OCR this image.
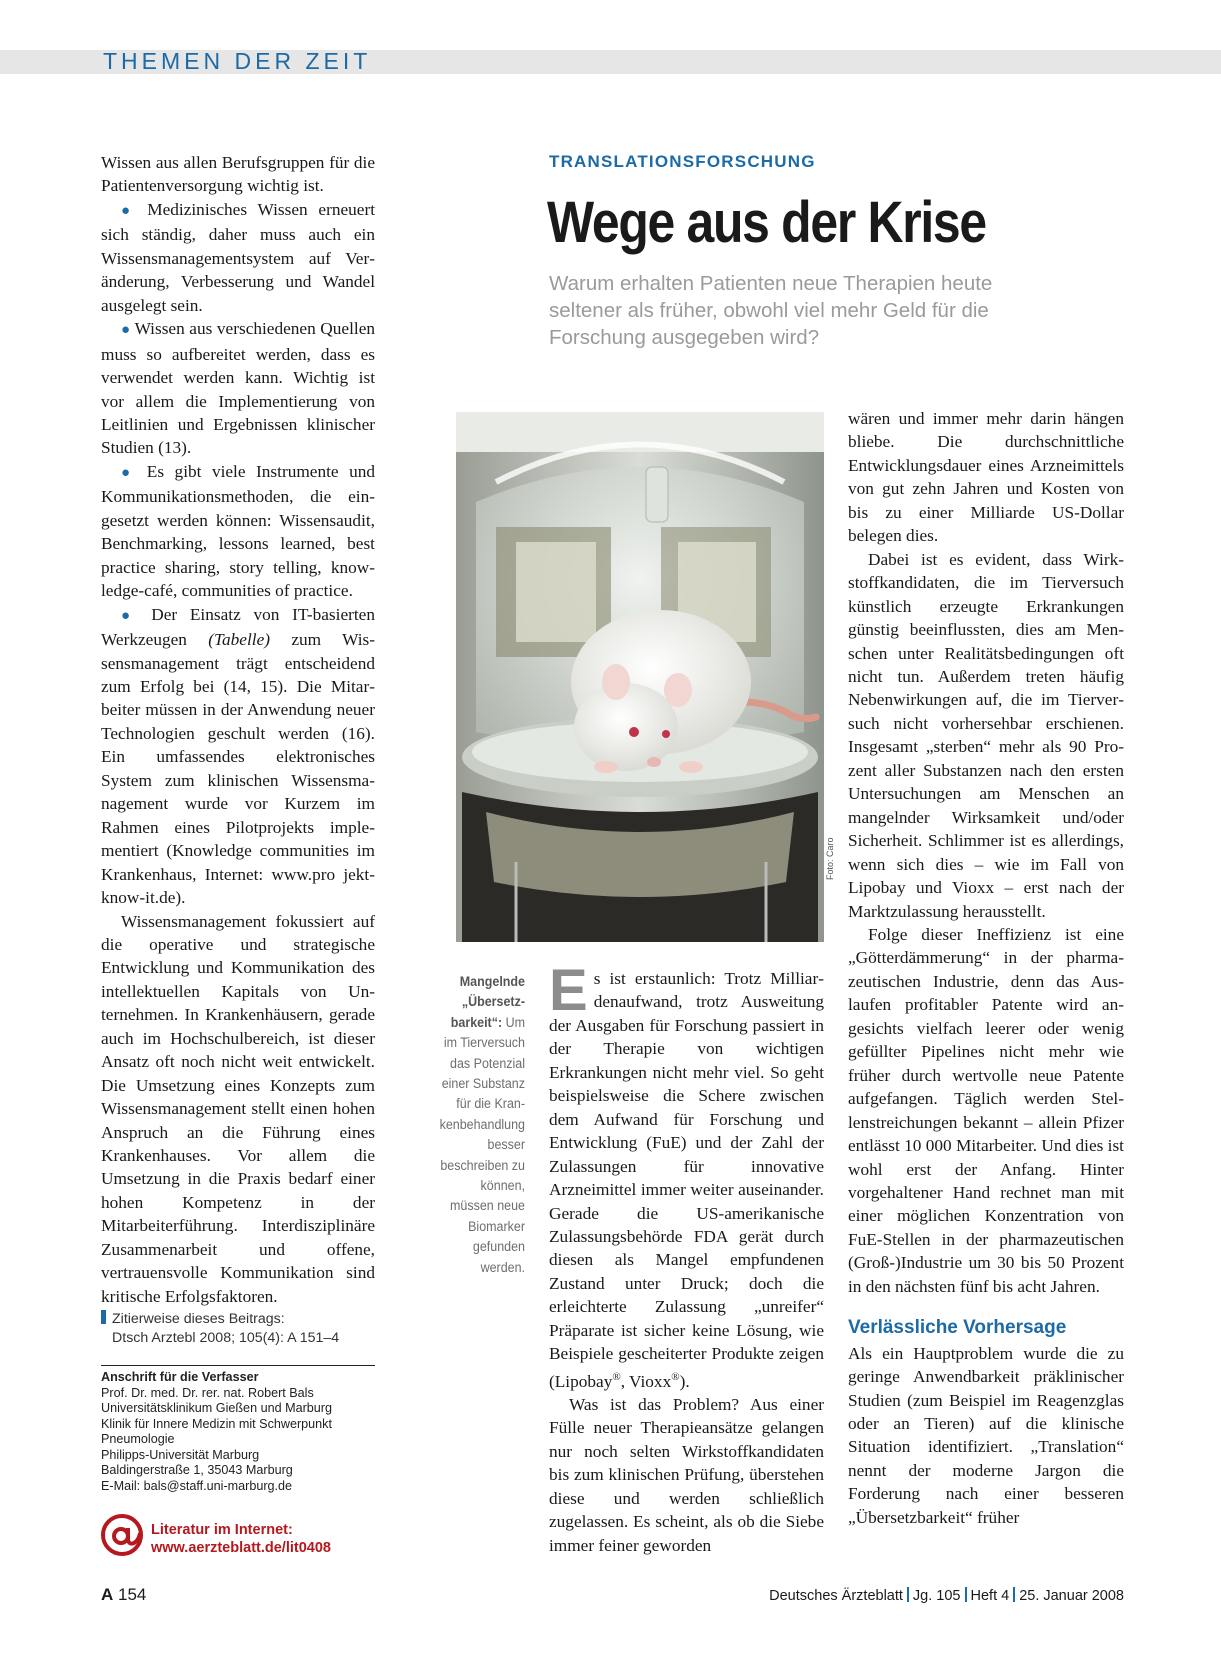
THEMEN DER ZEIT

Wissen aus allen Berufsgruppen für die Patientenversorgung wichtig ist.

● Medizinisches Wissen erneuert sich ständig, daher muss auch ein Wissensmanagementsystem auf Veränderung, Verbesserung und Wandel ausgelegt sein.

● Wissen aus verschiedenen Quellen muss so aufbereitet werden, dass es verwendet werden kann. Wichtig ist vor allem die Implementierung von Leitlinien und Ergebnissen klinischer Studien (13).

● Es gibt viele Instrumente und Kommunikationsmethoden, die eingesetzt werden können: Wissensaudit, Benchmarking, lessons learned, best practice sharing, story telling, knowledge-café, communities of practice.

● Der Einsatz von IT-basierten Werkzeugen (Tabelle) zum Wissensmanagement trägt entscheidend zum Erfolg bei (14, 15). Die Mitarbeiter müssen in der Anwendung neuer Technologien geschult werden (16). Ein umfassendes elektronisches System zum klinischen Wissensmanagement wurde vor Kurzem im Rahmen eines Pilotprojekts implementiert (Knowledge communities im Krankenhaus, Internet: www.pro jekt-know-it.de).

Wissensmanagement fokussiert auf die operative und strategische Entwicklung und Kommunikation des intellektuellen Kapitals von Unternehmen. In Krankenhäusern, gerade auch im Hochschulbereich, ist dieser Ansatz oft noch nicht weit entwickelt. Die Umsetzung eines Konzepts zum Wissensmanagement stellt einen hohen Anspruch an die Führung eines Krankenhauses. Vor allem die Umsetzung in die Praxis bedarf einer hohen Kompetenz in der Mitarbeiterführung. Interdisziplinäre Zusammenarbeit und offene, vertrauensvolle Kommunikation sind kritische Erfolgsfaktoren.

Zitierweise dieses Beitrags:
Dtsch Arztebl 2008; 105(4): A 151–4
Anschrift für die Verfasser
Prof. Dr. med. Dr. rer. nat. Robert Bals
Universitätsklinikum Gießen und Marburg
Klinik für Innere Medizin mit Schwerpunkt
Pneumologie
Philipps-Universität Marburg
Baldingerstraße 1, 35043 Marburg
E-Mail: bals@staff.uni-marburg.de
Literatur im Internet:
www.aerzteblatt.de/lit0408
TRANSLATIONSFORSCHUNG
Wege aus der Krise
Warum erhalten Patienten neue Therapien heute seltener als früher, obwohl viel mehr Geld für die Forschung ausgegeben wird?
Foto: Caro
Mangelnde „Übersetzbarkeit“: Um im Tierversuch das Potenzial einer Substanz für die Krankenbehandlung besser beschreiben zu können, müssen neue Biomarker gefunden werden.

Es ist erstaunlich: Trotz Milliardenaufwand, trotz Ausweitung der Ausgaben für Forschung passiert in der Therapie von wichtigen Erkrankungen nicht mehr viel. So geht beispielsweise die Schere zwischen dem Aufwand für Forschung und Entwicklung (FuE) und der Zahl der Zulassungen für innovative Arzneimittel immer weiter auseinander. Gerade die US-amerikanische Zulassungsbehörde FDA gerät durch diesen als Mangel empfundenen Zustand unter Druck; doch die erleichterte Zulassung „unreifer“ Präparate ist sicher keine Lösung, wie Beispiele gescheiterter Produkte zeigen (Lipobay®, Vioxx®).

Was ist das Problem? Aus einer Fülle neuer Therapieansätze gelangen nur noch selten Wirkstoffkandidaten bis zum klinischen Prüfung, überstehen diese und werden schließlich zugelassen. Es scheint, als ob die Siebe immer feiner geworden

wären und immer mehr darin hängen bliebe. Die durchschnittliche Entwicklungsdauer eines Arzneimittels von gut zehn Jahren und Kosten von bis zu einer Milliarde US-Dollar belegen dies.

Dabei ist es evident, dass Wirkstoffkandidaten, die im Tierversuch künstlich erzeugte Erkrankungen günstig beeinflussten, dies am Menschen unter Realitätsbedingungen oft nicht tun. Außerdem treten häufig Nebenwirkungen auf, die im Tierversuch nicht vorhersehbar erschienen. Insgesamt „sterben“ mehr als 90 Prozent aller Substanzen nach den ersten Untersuchungen am Menschen an mangelnder Wirksamkeit und/oder Sicherheit. Schlimmer ist es allerdings, wenn sich dies – wie im Fall von Lipobay und Vioxx – erst nach der Marktzulassung herausstellt.

Folge dieser Ineffizienz ist eine „Götterdämmerung“ in der pharmazeutischen Industrie, denn das Auslaufen profitabler Patente wird angesichts vielfach leerer oder wenig gefüllter Pipelines nicht mehr wie früher durch wertvolle neue Patente aufgefangen. Täglich werden Stellenstreichungen bekannt – allein Pfizer entlässt 10 000 Mitarbeiter. Und dies ist wohl erst der Anfang. Hinter vorgehaltener Hand rechnet man mit einer möglichen Konzentration von FuE-Stellen in der pharmazeutischen (Groß-)Industrie um 30 bis 50 Prozent in den nächsten fünf bis acht Jahren.

Verlässliche Vorhersage

Als ein Hauptproblem wurde die zu geringe Anwendbarkeit präklinischer Studien (zum Beispiel im Reagenzglas oder an Tieren) auf die klinische Situation identifiziert. „Translation“ nennt der moderne Jargon die Forderung nach einer besseren „Übersetzbarkeit“ früher

A 154	Deutsches Ärzteblatt Jg. 105 Heft 4 25. Januar 2008
